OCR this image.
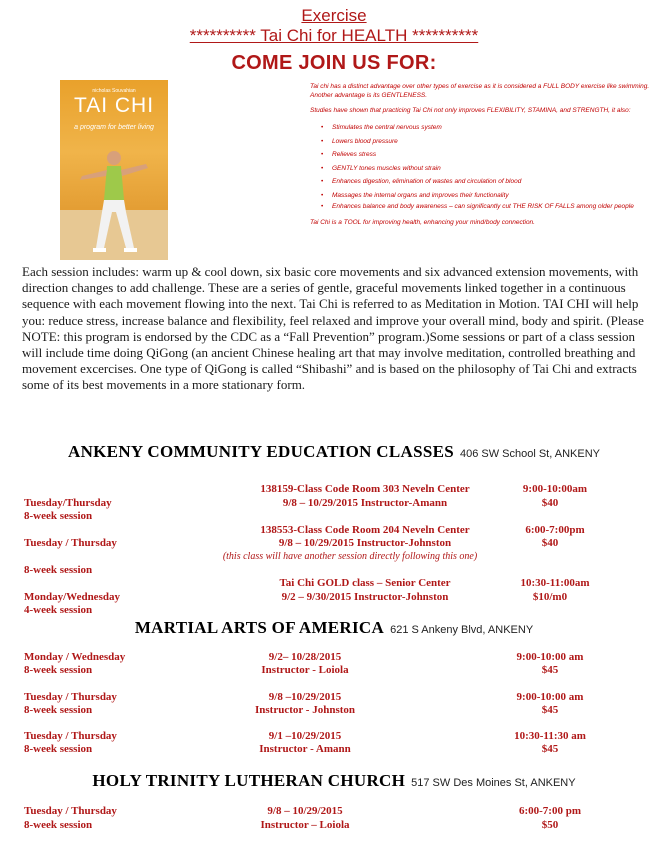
Exercise
********** Tai Chi for HEALTH **********
COME JOIN US FOR:
nicholas Souvahian
TAI CHI
a program for better living

Tai chi has a distinct advantage over other types of exercise as it is considered a FULL BODY exercise like swimming. Another advantage is its GENTLENESS.

Studies have shown that practicing Tai Chi not only improves FLEXIBILITY, STAMINA, and STRENGTH, it also:

• Stimulates the central nervous system
• Lowers blood pressure
• Relieves stress
• GENTLY tones muscles without strain
• Enhances digestion, elimination of wastes and circulation of blood
• Massages the internal organs and improves their functionality
• Enhances balance and body awareness – can significantly cut THE RISK OF FALLS among older people

Tai Chi is a TOOL for improving health, enhancing your mind/body connection.

Each session includes: warm up & cool down, six basic core movements and six advanced extension movements, with direction changes to add challenge. These are a series of gentle, graceful movements linked together in a continuous sequence with each movement flowing into the next. Tai Chi is referred to as Meditation in Motion. TAI CHI will help you: reduce stress, increase balance and flexibility, feel relaxed and improve your overall mind, body and spirit. (Please NOTE: this program is endorsed by the CDC as a “Fall Prevention” program.)Some sessions or part of a class session will include time doing QiGong (an ancient Chinese healing art that may involve meditation, controlled breathing and movement excercises. One type of QiGong is called “Shibashi” and is based on the philosophy of Tai Chi and extracts some of its best movements in a more stationary form.

ANKENY COMMUNITY EDUCATION CLASSES 406 SW School St, ANKENY
138159-Class Code Room 303 Neveln Center	9:00-10:00am
Tuesday/Thursday	9/8 – 10/29/2015 Instructor-Amann	$40
8-week session
138553-Class Code Room 204 Neveln Center	6:00-7:00pm
Tuesday / Thursday	9/8 – 10/29/2015 Instructor-Johnston	$40
(this class will have another session directly following this one)
8-week session
Tai Chi GOLD class – Senior Center	10:30-11:00am
Monday/Wednesday	9/2 – 9/30/2015 Instructor-Johnston	$10/m0
4-week session
MARTIAL ARTS OF AMERICA 621 S Ankeny Blvd, ANKENY
Monday / Wednesday	9/2– 10/28/2015	9:00-10:00 am
8-week session	Instructor - Loiola	$45
Tuesday / Thursday	9/8 –10/29/2015	9:00-10:00 am
8-week session	Instructor - Johnston	$45
Tuesday / Thursday	9/1 –10/29/2015	10:30-11:30 am
8-week session	Instructor - Amann	$45
HOLY TRINITY LUTHERAN CHURCH 517 SW Des Moines St, ANKENY
Tuesday / Thursday	9/8 – 10/29/2015	6:00-7:00 pm
8-week session	Instructor – Loiola	$50
